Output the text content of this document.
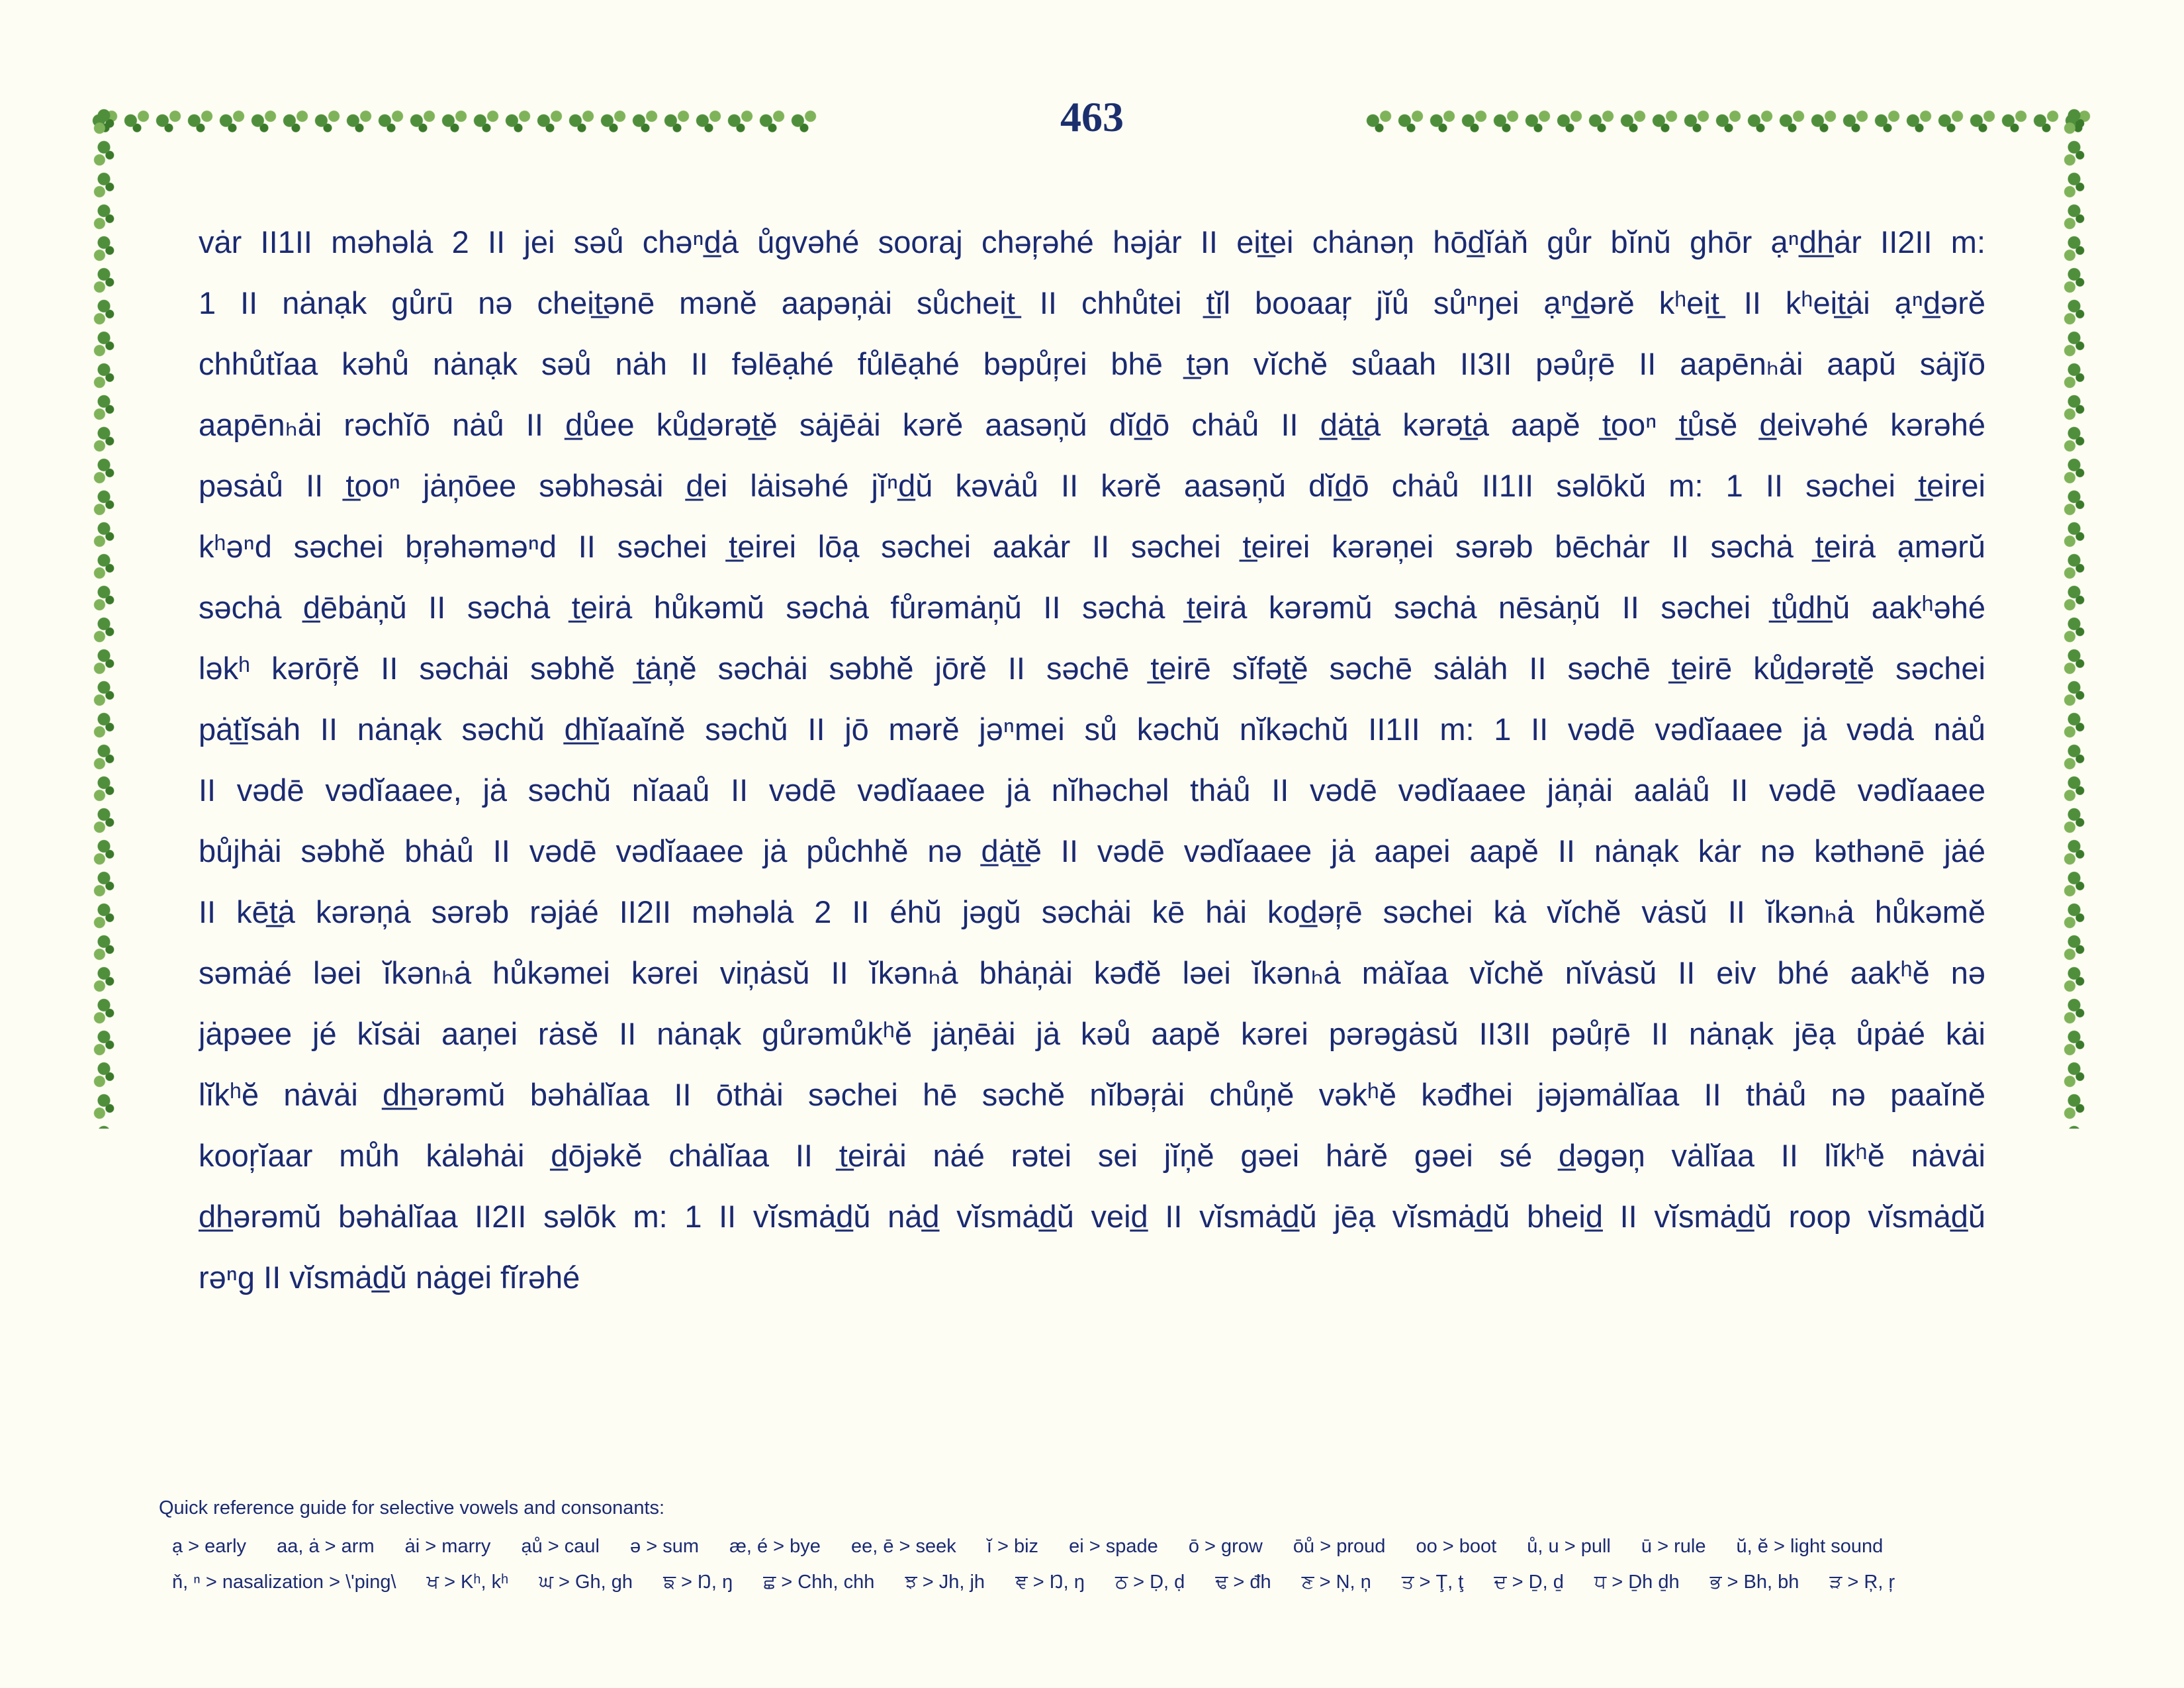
463
vȧr II1II məhəlȧ 2 II jei səů chəⁿd̲ȧ ůgvəhé sooraj chəŗəhé həjȧr II eit̲ei chȧnəņ hōd̲ĭȧň gůr bĭnŭ ghōr ạⁿd̲h̲ȧr II2II m:
1 II nȧnạk gůrū nə cheit̲ənē mənĕ aapəņȧi sůcheit̲ II chhůtei t̲ĭl booaaŗ jĭů sůⁿŋei ạⁿd̲ərĕ kʰeit̲ II kʰeit̲ȧi ạⁿd̲ərĕ
chhůtĭaa kəhů nȧnạk səů nȧh II fəlēạhé fůlēạhé bəpůŗei bhē t̲ən vĭchĕ sůaah II3II pəůŗē II aapēnₕȧi aapŭ sȧjĭō
aapēnₕȧi rəchĭō nȧů II d̲ůee kůd̲ərət̲ĕ sȧjēȧi kərĕ aasəņŭ dĭd̲ō chȧů II d̲ȧt̲ȧ kərət̲ȧ aapĕ t̲ooⁿ t̲ůsĕ d̲eivəhé kərəhé
pəsȧů II t̲ooⁿ jȧņōee səbhəsȧi d̲ei lȧisəhé jĭⁿd̲ŭ kəvȧů II kərĕ aasəņŭ dĭd̲ō chȧů II1II səlōkŭ m: 1 II səchei t̲eirei
kʰəⁿd səchei bŗəhəməⁿd II səchei t̲eirei lōạ səchei aakȧr II səchei t̲eirei kərəņei sərəb bēchȧr II səchȧ t̲eirȧ ạmərŭ
səchȧ d̲ēbȧņŭ II səchȧ t̲eirȧ hůkəmŭ səchȧ fůrəmȧņŭ II səchȧ t̲eirȧ kərəmŭ səchȧ nēsȧņŭ II səchei t̲ůd̲h̲ŭ aakʰəhé
ləkʰ kərōŗĕ II səchȧi səbhĕ t̲ȧņĕ səchȧi səbhĕ jōrĕ II səchē t̲eirē sĭfət̲ĕ səchē sȧlȧh II səchē t̲eirē kůd̲ərət̲ĕ səchei
pȧt̲ĭsȧh II nȧnạk səchŭ d̲h̲ĭaaĭnĕ səchŭ II jō mərĕ jəⁿmei sů kəchŭ nĭkəchŭ II1II m: 1 II vədē vədĭaaee jȧ vədȧ nȧů
II vədē vədĭaaee, jȧ səchŭ nĭaaů II vədē vədĭaaee jȧ nĭhəchəl thȧů II vədē vədĭaaee jȧņȧi aalȧů II vədē vədĭaaee
bůjhȧi səbhĕ bhȧů II vədē vədĭaaee jȧ půchhĕ nə d̲ȧt̲ĕ II vədē vədĭaaee jȧ aapei aapĕ II nȧnạk kȧr nə kəthənē jȧé
II kēt̲ȧ kərəņȧ sərəb rəjȧé II2II məhəlȧ 2 II éhŭ jəgŭ səchȧi kē hȧi kod̲əŗē səchei kȧ vĭchĕ vȧsŭ II ĭkənₕȧ hůkəmĕ
səmȧé ləei ĭkənₕȧ hůkəmei kərei viņȧsŭ II ĭkənₕȧ bhȧņȧi kəđĕ ləei ĭkənₕȧ mȧĭaa vĭchĕ nĭvȧsŭ II eiv bhé aakʰĕ nə
jȧpəee jé kĭsȧi aaņei rȧsĕ II nȧnạk gůrəmůkʰĕ jȧņēȧi jȧ kəů aapĕ kərei pərəgȧsŭ II3II pəůŗē II nȧnạk jēạ ůpȧé kȧi
lĭkʰĕ nȧvȧi d̲h̲ərəmŭ bəhȧlĭaa II ōthȧi səchei hē səchĕ nĭbəŗȧi chůņĕ vəkʰĕ kəđhei jəjəmȧlĭaa II thȧů nə paaĭnĕ
kooŗĭaar můh kȧləhȧi d̲ōjəkĕ chȧlĭaa II t̲eirȧi nȧé rətei sei jĭņĕ gəei hȧrĕ gəei sé d̲əgəņ vȧlĭaa II lĭkʰĕ nȧvȧi
d̲h̲ərəmŭ bəhȧlĭaa II2II səlōk m: 1 II vĭsmȧd̲ŭ nȧd̲ vĭsmȧd̲ŭ veid̲ II vĭsmȧd̲ŭ jēạ vĭsmȧd̲ŭ bheid̲ II vĭsmȧd̲ŭ roop vĭsmȧd̲ŭ
rəⁿg II vĭsmȧd̲ŭ nȧgei fĭrəhé
Quick reference guide for selective vowels and consonants:
ạ > early aa, ȧ > arm ȧi > marry ạů > caul ə > sum æ, é > bye ee, ē > seek ĭ > biz ei > spade ō > grow ōů > proud oo > boot ů, u > pull ū > rule ŭ, ĕ > light sound
ň, ⁿ > nasalization > \'ping\ ਖ > Kʰ, kʰ ਘ > Gh, gh ਙ > Ŋ, ŋ ਛ > Chh, chh ਝ > Jh, jh ਞ > Ŋ, ŋ ਠ > Ḍ, ḍ ਢ > đh ਣ > Ņ, ņ ਤ > Ţ, ţ ਦ > Ḏ, ḏ ਧ > Ḏh ḏh ਭ > Bh, bh ੜ > Ŗ, ŗ
